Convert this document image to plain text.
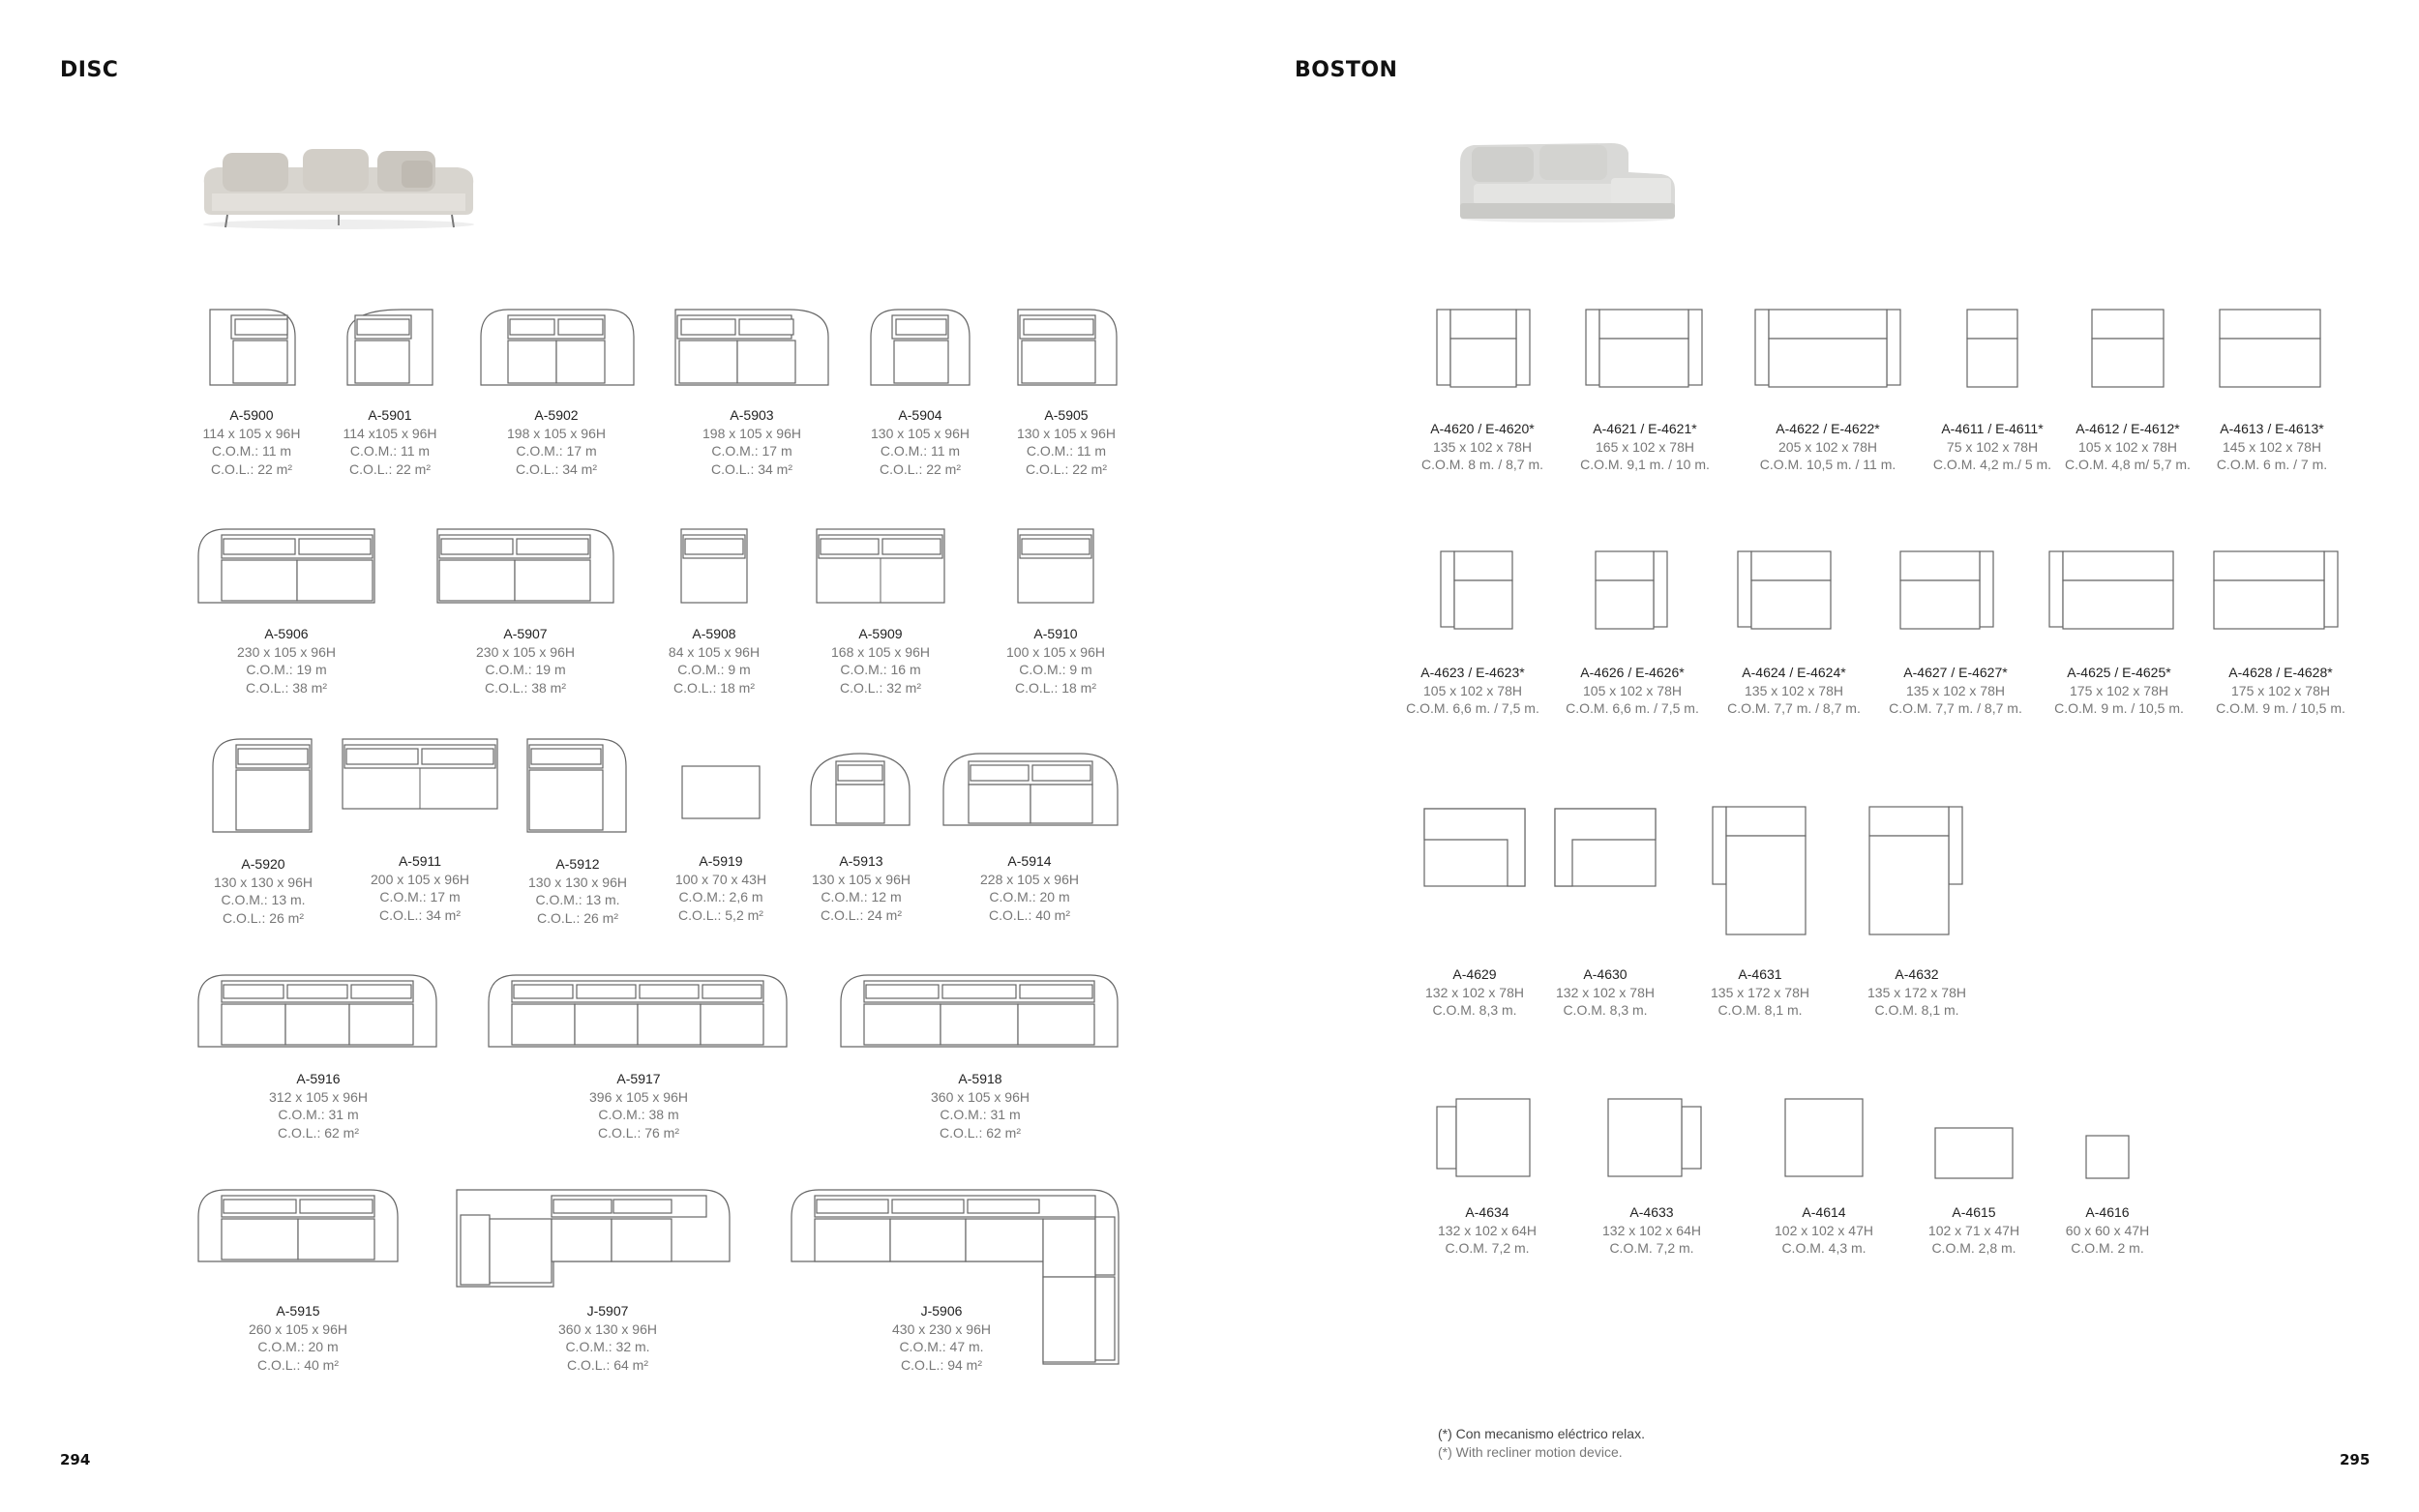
DISC
294
A-5900
114 x 105 x 96H
C.O.M.: 11 m
C.O.L.: 22 m²
A-5901
114 x105 x 96H
C.O.M.: 11 m
C.O.L.: 22 m²
A-5902
198 x 105 x 96H
C.O.M.: 17 m
C.O.L.: 34 m²
A-5903
198 x 105 x 96H
C.O.M.: 17 m
C.O.L.: 34 m²
A-5904
130 x 105 x 96H
C.O.M.: 11 m
C.O.L.: 22 m²
A-5905
130 x 105 x 96H
C.O.M.: 11 m
C.O.L.: 22 m²
A-5906
230 x 105 x 96H
C.O.M.: 19 m
C.O.L.: 38 m²
A-5907
230 x 105 x 96H
C.O.M.: 19 m
C.O.L.: 38 m²
A-5908
84 x 105 x 96H
C.O.M.: 9 m
C.O.L.: 18 m²
A-5909
168 x 105 x 96H
C.O.M.: 16 m
C.O.L.: 32 m²
A-5910
100 x 105 x 96H
C.O.M.: 9 m
C.O.L.: 18 m²
A-5920
130 x 130 x 96H
C.O.M.: 13 m.
C.O.L.: 26 m²
A-5911
200 x 105 x 96H
C.O.M.: 17 m
C.O.L.: 34 m²
A-5912
130 x 130 x 96H
C.O.M.: 13 m.
C.O.L.: 26 m²
A-5919
100 x 70 x 43H
C.O.M.: 2,6 m
C.O.L.: 5,2 m²
A-5913
130 x 105 x 96H
C.O.M.: 12 m
C.O.L.: 24 m²
A-5914
228 x 105 x 96H
C.O.M.: 20 m
C.O.L.: 40 m²
A-5916
312 x 105 x 96H
C.O.M.: 31 m
C.O.L.: 62 m²
A-5917
396 x 105 x 96H
C.O.M.: 38 m
C.O.L.: 76 m²
A-5918
360 x 105 x 96H
C.O.M.: 31 m
C.O.L.: 62 m²
A-5915
260 x 105 x 96H
C.O.M.: 20 m
C.O.L.: 40 m²
J-5907
360 x 130 x 96H
C.O.M.: 32 m.
C.O.L.: 64 m²
J-5906
430 x 230 x 96H
C.O.M.: 47 m.
C.O.L.: 94 m²
BOSTON
295
A-4620 / E-4620*
135 x 102 x 78H
C.O.M. 8 m. / 8,7 m.
A-4621 / E-4621*
165 x 102 x 78H
C.O.M. 9,1 m. / 10 m.
A-4622 / E-4622*
205 x 102 x 78H
C.O.M. 10,5 m. / 11 m.
A-4611 / E-4611*
75 x 102 x 78H
C.O.M. 4,2 m./ 5 m.
A-4612 / E-4612*
105 x 102 x 78H
C.O.M. 4,8 m/ 5,7 m.
A-4613 / E-4613*
145 x 102 x 78H
C.O.M. 6 m. / 7 m.
A-4623 / E-4623*
105 x 102 x 78H
C.O.M. 6,6 m. / 7,5 m.
A-4626 / E-4626*
105 x 102 x 78H
C.O.M. 6,6 m. / 7,5 m.
A-4624 / E-4624*
135 x 102 x 78H
C.O.M. 7,7 m. / 8,7 m.
A-4627 / E-4627*
135 x 102 x 78H
C.O.M. 7,7 m. / 8,7 m.
A-4625 / E-4625*
175 x 102 x 78H
C.O.M. 9 m. / 10,5 m.
A-4628 / E-4628*
175 x 102 x 78H
C.O.M. 9 m. / 10,5 m.
A-4629
132 x 102 x 78H
C.O.M. 8,3 m.
A-4630
132 x 102 x 78H
C.O.M. 8,3 m.
A-4631
135 x 172 x 78H
C.O.M. 8,1 m.
A-4632
135 x 172 x 78H
C.O.M. 8,1 m.
A-4634
132 x 102 x 64H
C.O.M. 7,2 m.
A-4633
132 x 102 x 64H
C.O.M. 7,2 m.
A-4614
102 x 102 x 47H
C.O.M. 4,3 m.
A-4615
102 x 71 x 47H
C.O.M. 2,8 m.
A-4616
60 x 60 x 47H
C.O.M. 2 m.
(*) Con mecanismo eléctrico relax.
(*) With recliner motion device.
